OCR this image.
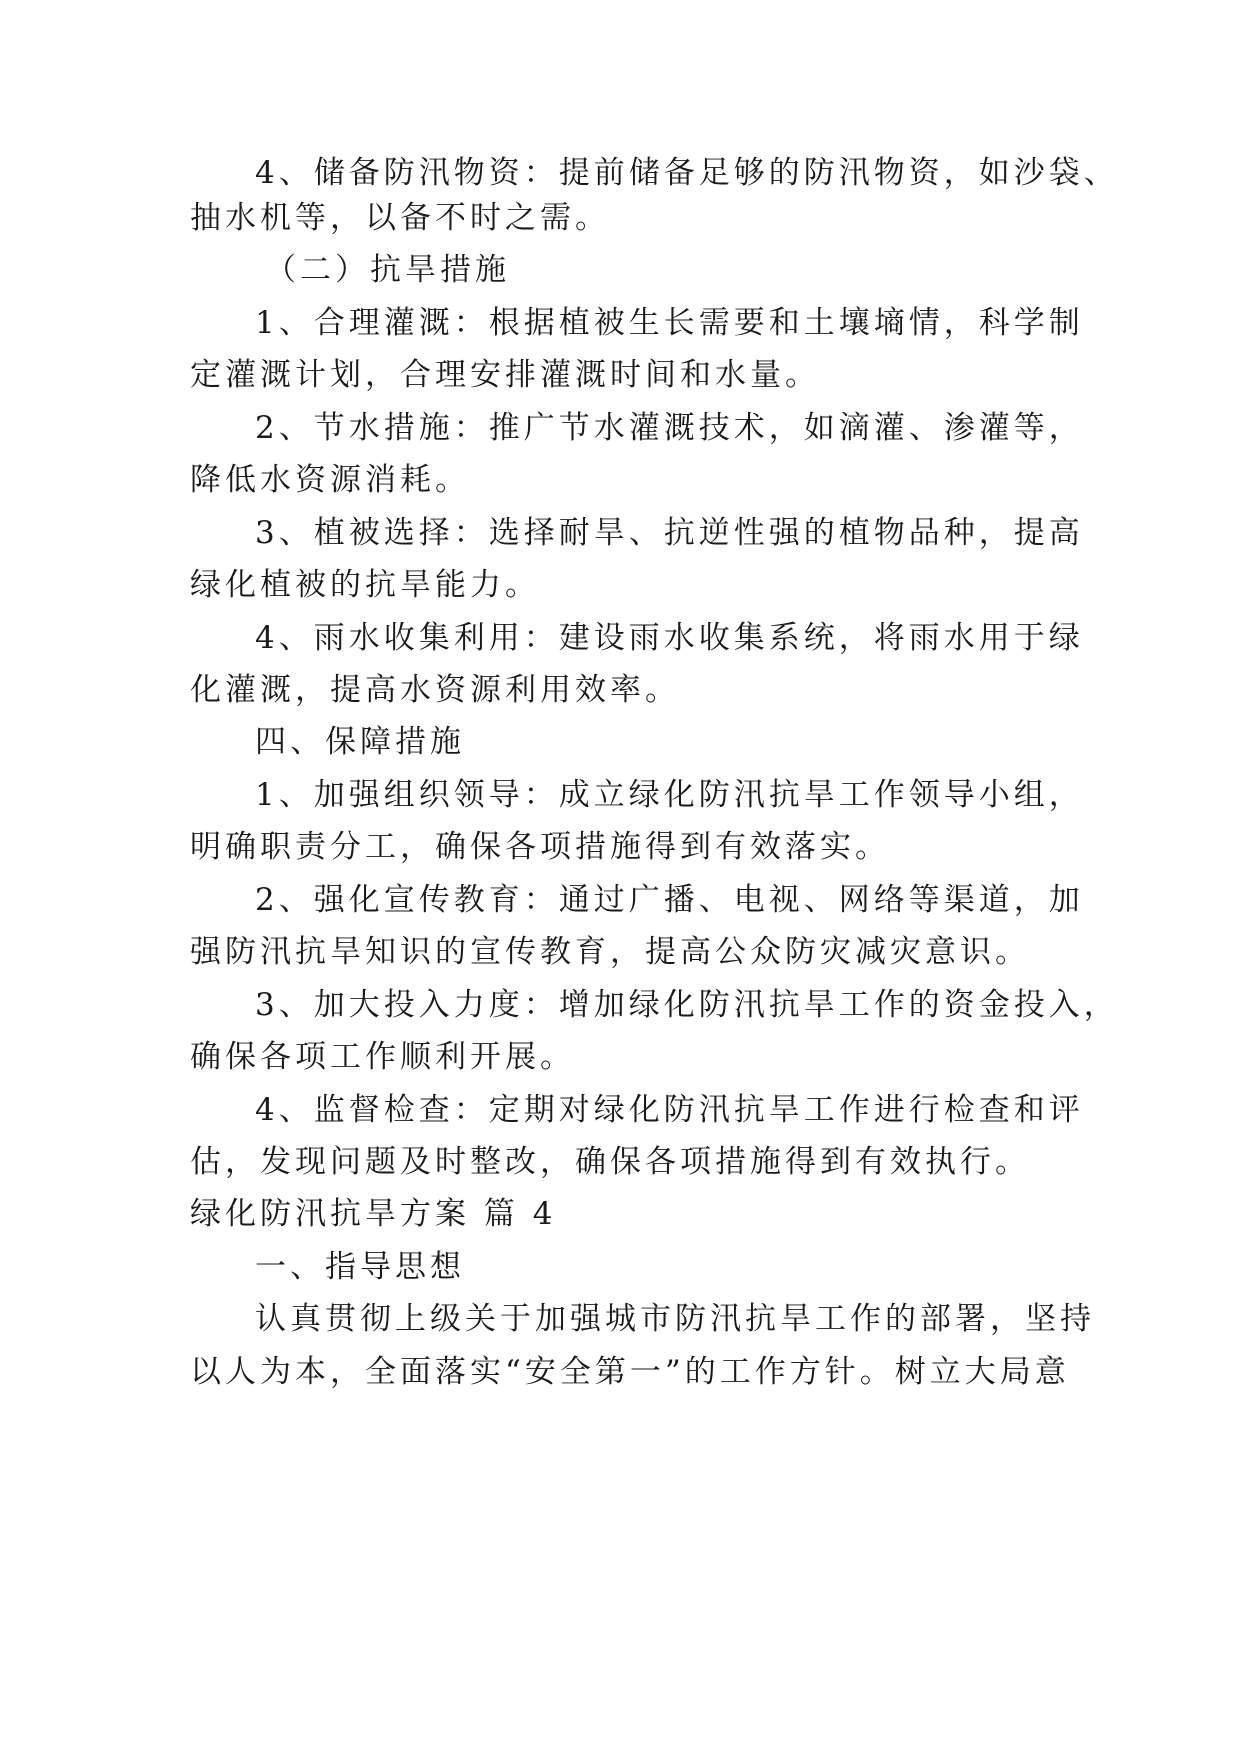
4、储备防汛物资：提前储备足够的防汛物资，如沙袋、
抽水机等，以备不时之需。
（二）抗旱措施
1、合理灌溉：根据植被生长需要和土壤墒情，科学制
定灌溉计划，合理安排灌溉时间和水量。
2、节水措施：推广节水灌溉技术，如滴灌、渗灌等，
降低水资源消耗。
3、植被选择：选择耐旱、抗逆性强的植物品种，提高
绿化植被的抗旱能力。
4、雨水收集利用：建设雨水收集系统，将雨水用于绿
化灌溉，提高水资源利用效率。
四、保障措施
1、加强组织领导：成立绿化防汛抗旱工作领导小组，
明确职责分工，确保各项措施得到有效落实。
2、强化宣传教育：通过广播、电视、网络等渠道，加
强防汛抗旱知识的宣传教育，提高公众防灾减灾意识。
3、加大投入力度：增加绿化防汛抗旱工作的资金投入，
确保各项工作顺利开展。
4、监督检查：定期对绿化防汛抗旱工作进行检查和评
估，发现问题及时整改，确保各项措施得到有效执行。
绿化防汛抗旱方案 篇 4
一、指导思想
认真贯彻上级关于加强城市防汛抗旱工作的部署，坚持
以人为本，全面落实“安全第一”的工作方针。树立大局意
